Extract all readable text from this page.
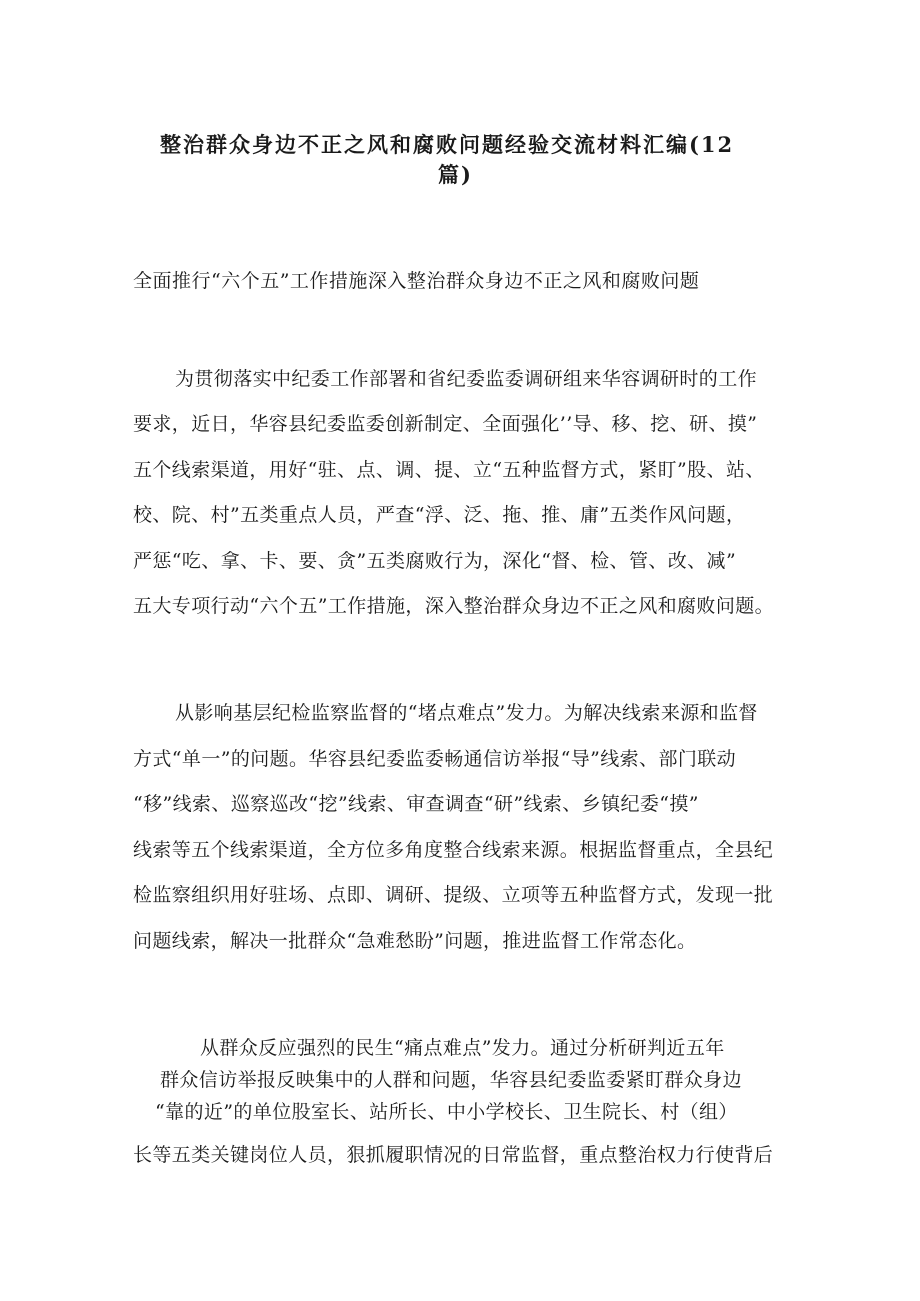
整治群众身边不正之风和腐败问题经验交流材料汇编(12
篇)
全面推行“六个五”工作措施深入整治群众身边不正之风和腐败问题
为贯彻落实中纪委工作部署和省纪委监委调研组来华容调研时的工作
要求，近日，华容县纪委监委创新制定、全面强化’’导、移、挖、研、摸”
五个线索渠道，用好“驻、点、调、提、立“五种监督方式，紧盯”股、站、
校、院、村”五类重点人员，严查“浮、泛、拖、推、庸”五类作风问题，
严惩“吃、拿、卡、要、贪”五类腐败行为，深化“督、检、管、改、减”
五大专项行动“六个五”工作措施，深入整治群众身边不正之风和腐败问题。
从影响基层纪检监察监督的“堵点难点”发力。为解决线索来源和监督
方式“单一”的问题。华容县纪委监委畅通信访举报“导”线索、部门联动
“移”线索、巡察巡改“挖”线索、审查调查“研”线索、乡镇纪委“摸”
线索等五个线索渠道，全方位多角度整合线索来源。根据监督重点，全县纪
检监察组织用好驻场、点即、调研、提级、立项等五种监督方式，发现一批
问题线索，解决一批群众“急难愁盼”问题，推进监督工作常态化。
从群众反应强烈的民生“痛点难点”发力。通过分析研判近五年
群众信访举报反映集中的人群和问题，华容县纪委监委紧盯群众身边
“靠的近”的单位股室长、站所长、中小学校长、卫生院长、村（组）
长等五类关键岗位人员，狠抓履职情况的日常监督，重点整治权力行使背后
